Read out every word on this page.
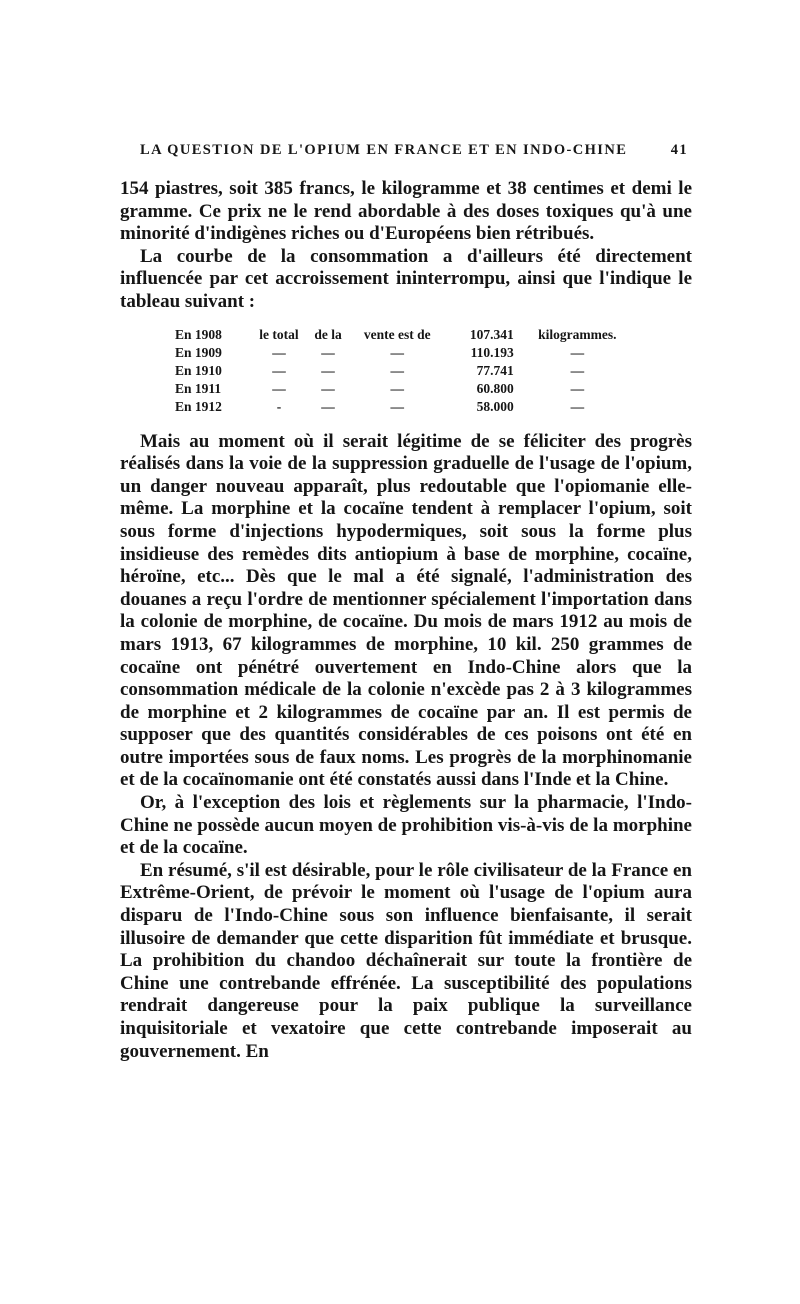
LA QUESTION DE L'OPIUM EN FRANCE ET EN INDO-CHINE	41

154 piastres, soit 385 francs, le kilogramme et 38 centimes et demi le gramme. Ce prix ne le rend abordable à des doses toxiques qu'à une minorité d'indigènes riches ou d'Européens bien rétribués.

La courbe de la consommation a d'ailleurs été directement influencée par cet accroissement ininterrompu, ainsi que l'indique le tableau suivant :

En 1908	le total	de la	vente est de	107.341	kilogrammes.
En 1909	—	—	—	110.193	—
En 1910	—	—	—	77.741	—
En 1911	—	—	—	60.800	—
En 1912	-	—	—	58.000	—

Mais au moment où il serait légitime de se féliciter des progrès réalisés dans la voie de la suppression graduelle de l'usage de l'opium, un danger nouveau apparaît, plus redoutable que l'opiomanie elle-même. La morphine et la cocaïne tendent à remplacer l'opium, soit sous forme d'injections hypodermiques, soit sous la forme plus insidieuse des remèdes dits antiopium à base de morphine, cocaïne, héroïne, etc... Dès que le mal a été signalé, l'administration des douanes a reçu l'ordre de mentionner spécialement l'importation dans la colonie de morphine, de cocaïne. Du mois de mars 1912 au mois de mars 1913, 67 kilogrammes de morphine, 10 kil. 250 grammes de cocaïne ont pénétré ouvertement en Indo-Chine alors que la consommation médicale de la colonie n'excède pas 2 à 3 kilogrammes de morphine et 2 kilogrammes de cocaïne par an. Il est permis de supposer que des quantités considérables de ces poisons ont été en outre importées sous de faux noms. Les progrès de la morphinomanie et de la cocaïnomanie ont été constatés aussi dans l'Inde et la Chine.

Or, à l'exception des lois et règlements sur la pharmacie, l'Indo-Chine ne possède aucun moyen de prohibition vis-à-vis de la morphine et de la cocaïne.

En résumé, s'il est désirable, pour le rôle civilisateur de la France en Extrême-Orient, de prévoir le moment où l'usage de l'opium aura disparu de l'Indo-Chine sous son influence bienfaisante, il serait illusoire de demander que cette disparition fût immédiate et brusque. La prohibition du chandoo déchaînerait sur toute la frontière de Chine une contrebande effrénée. La susceptibilité des populations rendrait dangereuse pour la paix publique la surveillance inquisitoriale et vexatoire que cette contrebande imposerait au gouvernement. En
